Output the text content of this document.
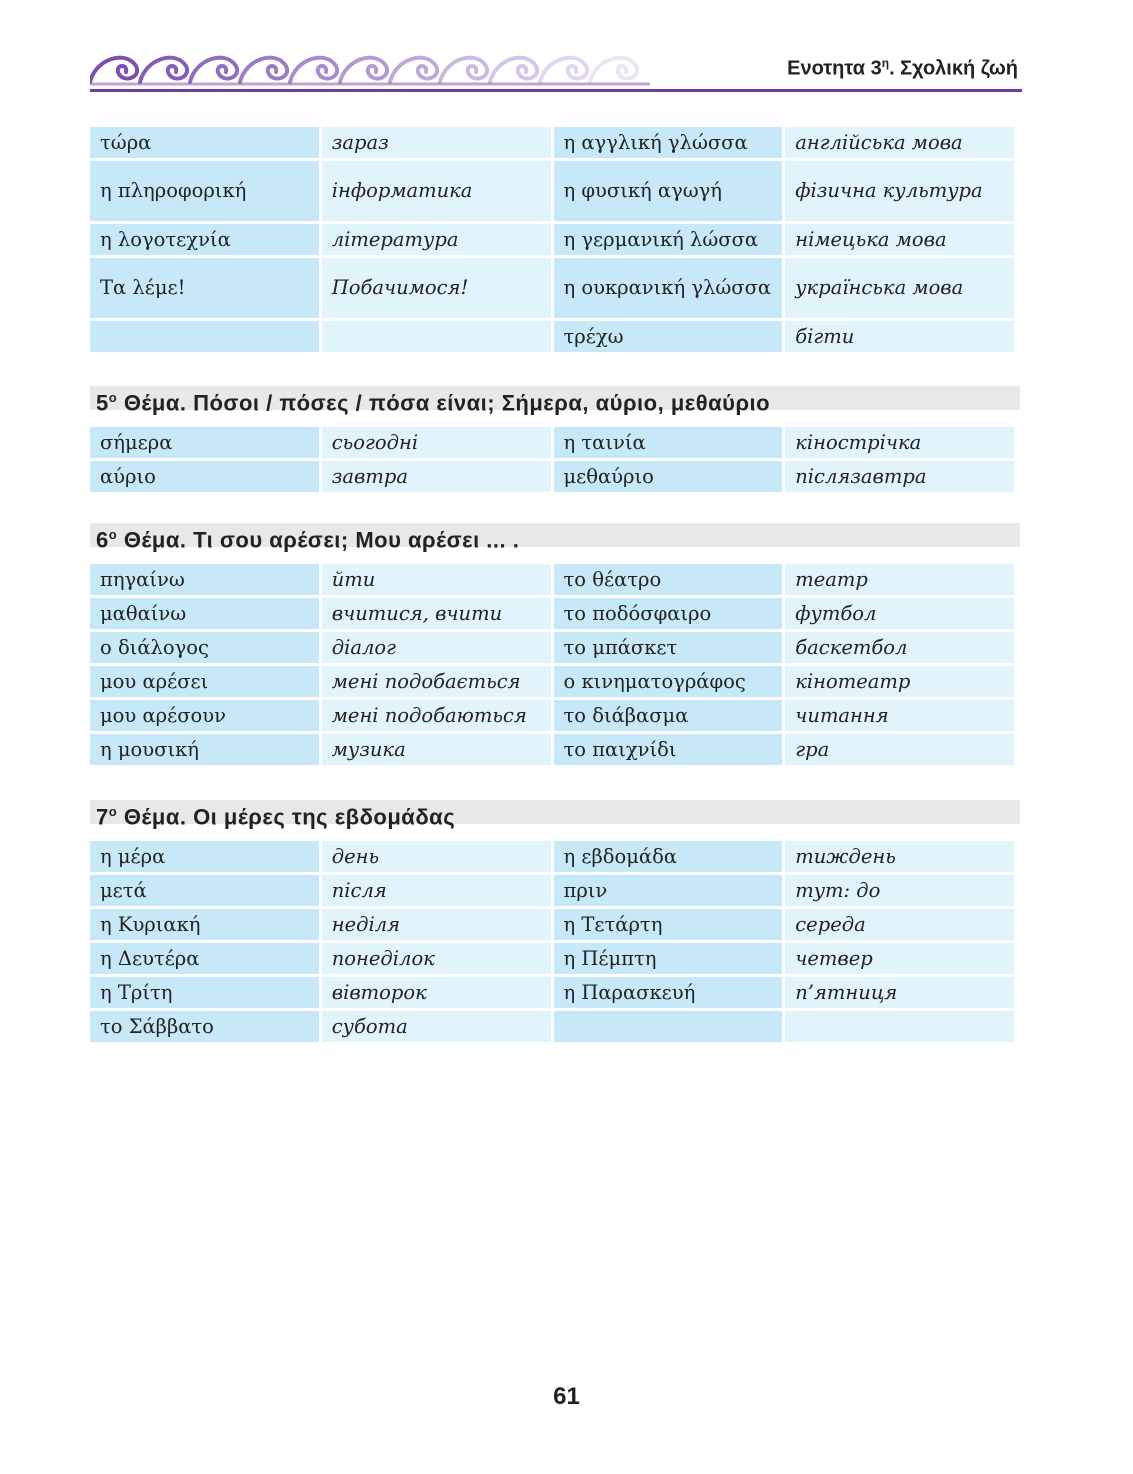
Ενοτητα $3^\eta$. Σχολική ζωή
τώρα	зараз	η αγγλική γλώσσα	англійська мова
η πληροφορική	інформатика	η φυσική αγωγή	фізична культура
η λογοτεχνία	література	η γερμανική λώσσα	німецька мова
Τα λέμε!	Побачимося!	η ουκρανική γλώσσα	українська мова
		τρέχω	бігти
$5^o$ Θέμα. Πόσοι / πόσες / πόσα είναι; Σήμερα, αύριο, μεθαύριο
σήμερα	сьогодні	η ταινία	кінострічка
αύριο	завтра	μεθαύριο	післязавтра
$6^o$ Θέμα. Τι σου αρέσει; Μου αρέσει ... .
πηγαίνω	йти	το θέατρο	театр
μαθαίνω	вчитися, вчити	το ποδόσφαιρο	футбол
ο διάλογος	діалог	το μπάσκετ	баскетбол
μου αρέσει	мені подобається	ο κινηματογράφος	кінотеатр
μου αρέσουν	мені подобаються	το διάβασμα	читання
η μουσική	музика	το παιχνίδι	гра
$7^o$ Θέμα. Οι μέρες της εβδομάδας
η μέρα	день	η εβδομάδα	тиждень
μετά	після	πριν	тут: до
η Κυριακή	неділя	η Τετάρτη	середа
η Δευτέρα	понеділок	η Πέμπτη	четвер
η Τρίτη	вівторок	η Παρασκευή	п’ятниця
το Σάββατο	субота		
61
